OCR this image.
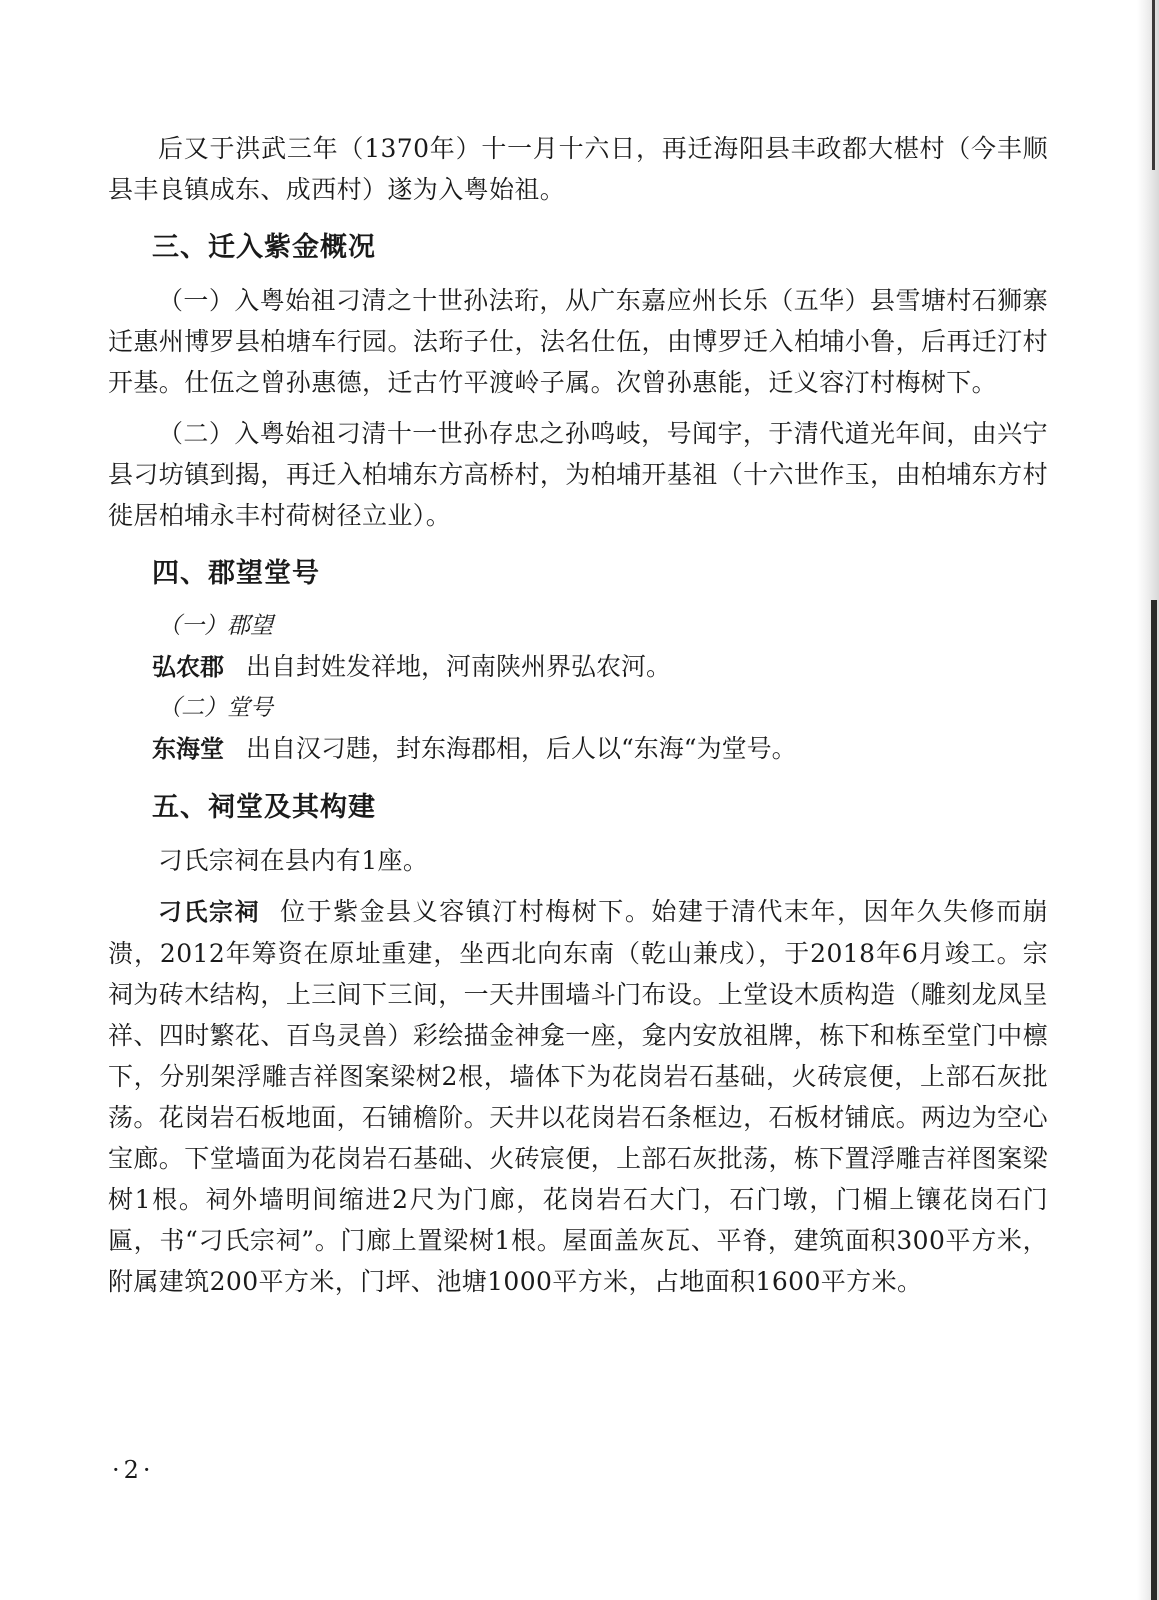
后又于洪武三年（1370年）十一月十六日，再迁海阳县丰政都大椹村（今丰顺县丰良镇成东、成西村）遂为入粤始祖。

三、迁入紫金概况

（一）入粤始祖刁清之十世孙法珩，从广东嘉应州长乐（五华）县雪塘村石狮寨迁惠州博罗县柏塘车行园。法珩子仕，法名仕伍，由博罗迁入柏埔小鲁，后再迁汀村开基。仕伍之曾孙惠德，迁古竹平渡岭子属。次曾孙惠能，迁义容汀村梅树下。

（二）入粤始祖刁清十一世孙存忠之孙鸣岐，号闻宇，于清代道光年间，由兴宁县刁坊镇到揭，再迁入柏埔东方高桥村，为柏埔开基祖（十六世作玉，由柏埔东方村徙居柏埔永丰村荷树径立业）。

四、郡望堂号

（一）郡望

弘农郡 出自封姓发祥地，河南陕州界弘农河。

（二）堂号

东海堂 出自汉刁韪，封东海郡相，后人以“东海“为堂号。

五、祠堂及其构建

刁氏宗祠在县内有1座。

刁氏宗祠 位于紫金县义容镇汀村梅树下。始建于清代末年，因年久失修而崩溃，2012年筹资在原址重建，坐西北向东南（乾山兼戌），于2018年6月竣工。宗祠为砖木结构，上三间下三间，一天井围墙斗门布设。上堂设木质构造（雕刻龙凤呈祥、四时繁花、百鸟灵兽）彩绘描金神龛一座，龛内安放祖牌，栋下和栋至堂门中檩下，分别架浮雕吉祥图案梁树2根，墙体下为花岗岩石基础，火砖宸便，上部石灰批荡。花岗岩石板地面，石铺檐阶。天井以花岗岩石条框边，石板材铺底。两边为空心宝廊。下堂墙面为花岗岩石基础、火砖宸便，上部石灰批荡，栋下置浮雕吉祥图案梁树1根。祠外墙明间缩进2尺为门廊，花岗岩石大门，石门墩，门楣上镶花岗石门匾，书“刁氏宗祠”。门廊上置梁树1根。屋面盖灰瓦、平脊，建筑面积300平方米，附属建筑200平方米，门坪、池塘1000平方米，占地面积1600平方米。

·2·
